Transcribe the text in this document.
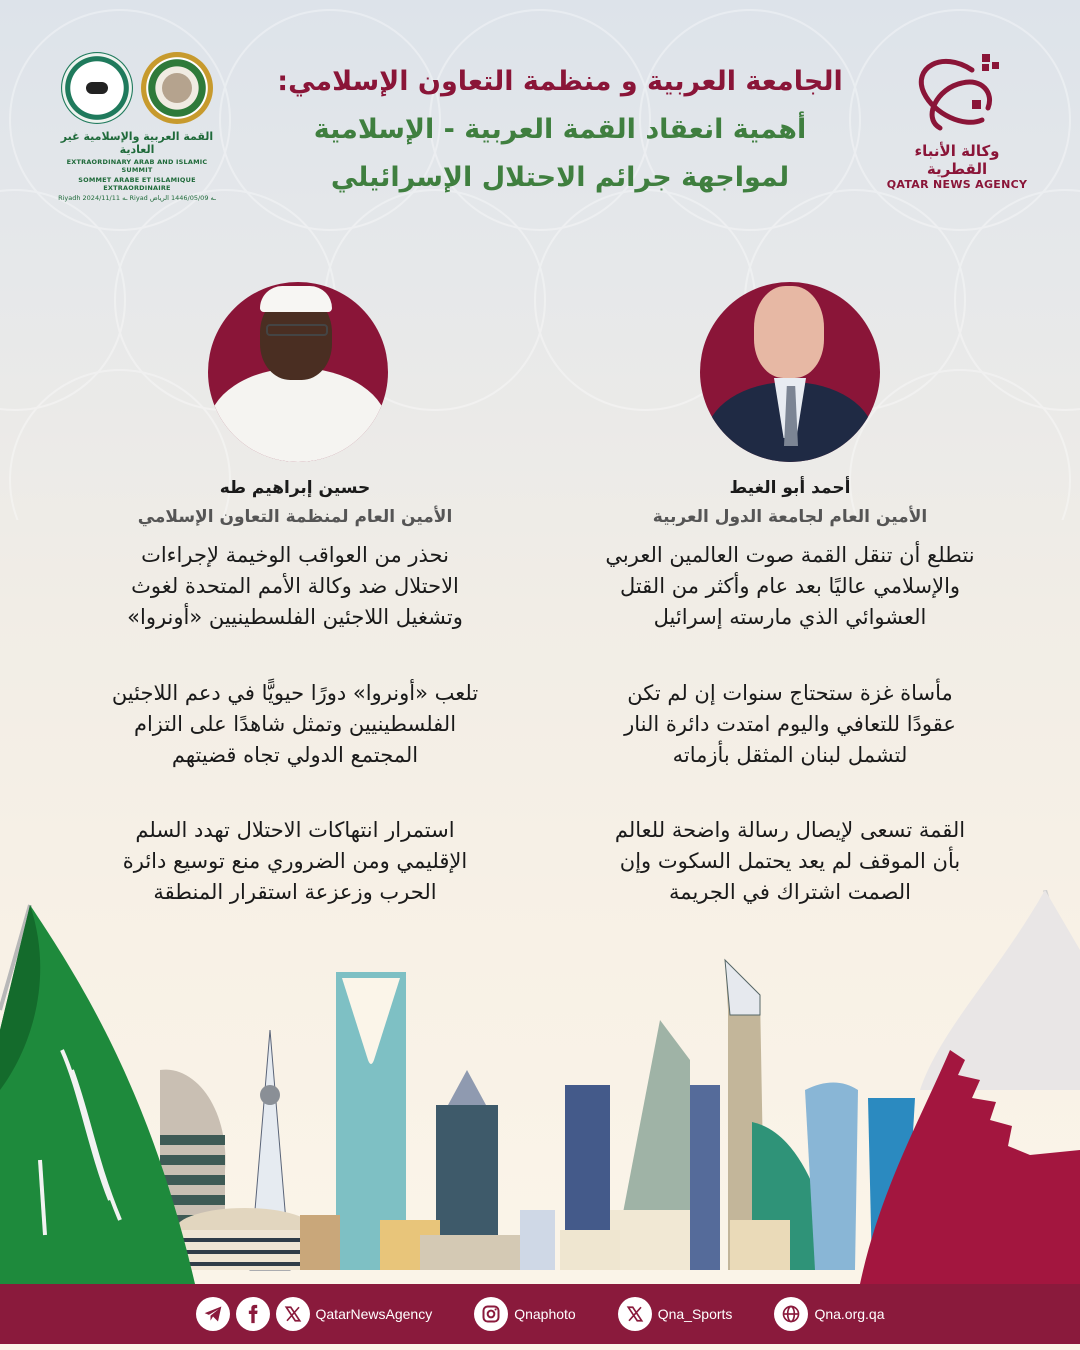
القمة العربية والإسلامية غير العادية
EXTRAORDINARY ARAB AND ISLAMIC SUMMIT
SOMMET ARABE ET ISLAMIQUE EXTRAORDINAIRE
Riyadh ـه 2024/11/11 Riyad ـه 1446/05/09 الرياض
الجامعة العربية و منظمة التعاون الإسلامي:
أهمية انعقاد القمة العربية - الإسلامية
لمواجهة جرائم الاحتلال الإسرائيلي
وكالة الأنباء القطرية
QATAR NEWS AGENCY
أحمد أبو الغيط
الأمين العام لجامعة الدول العربية
نتطلع أن تنقل القمة صوت العالمين العربي والإسلامي عاليًا بعد عام وأكثر من القتل العشوائي الذي مارسته إسرائيل
مأساة غزة ستحتاج سنوات إن لم تكن عقودًا للتعافي واليوم امتدت دائرة النار لتشمل لبنان المثقل بأزماته
القمة تسعى لإيصال رسالة واضحة للعالم بأن الموقف لم يعد يحتمل السكوت وإن الصمت اشتراك في الجريمة
حسين إبراهيم طه
الأمين العام لمنظمة التعاون الإسلامي
نحذر من العواقب الوخيمة لإجراءات الاحتلال ضد وكالة الأمم المتحدة لغوث وتشغيل اللاجئين الفلسطينيين «أونروا»
تلعب «أونروا» دورًا حيويًّا في دعم اللاجئين الفلسطينيين وتمثل شاهدًا على التزام المجتمع الدولي تجاه قضيتهم
استمرار انتهاكات الاحتلال تهدد السلم الإقليمي ومن الضروري منع توسيع دائرة الحرب وزعزعة استقرار المنطقة
QatarNewsAgency	Qnaphoto	Qna_Sports	Qna.org.qa
